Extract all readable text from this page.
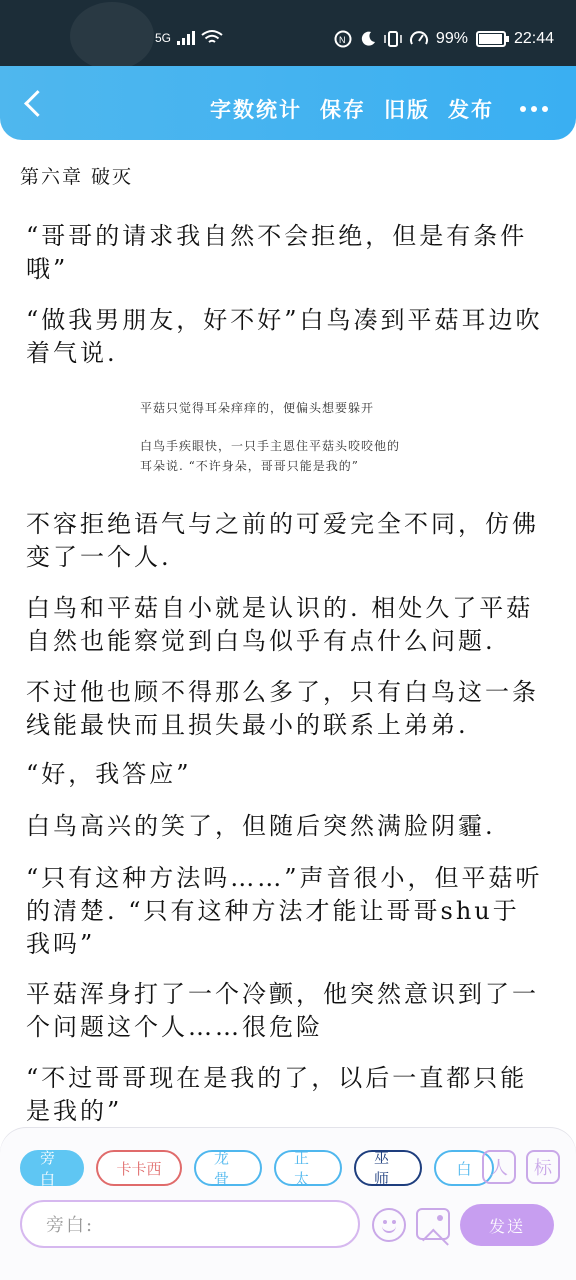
5G	N	99%	22:44
字数统计 保存 旧版 发布
第六章 破灭
“哥哥的请求我自然不会拒绝，但是有条件哦”
“做我男朋友，好不好”白鸟凑到平菇耳边吹着气说.
平菇只觉得耳朵痒痒的，便偏头想要躲开
白鸟手疾眼快，一只手主恩住平菇头咬咬他的
耳朵说. “不许身朵，哥哥只能是我的”
不容拒绝语气与之前的可爱完全不同，仿佛变了一个人.
白鸟和平菇自小就是认识的. 相处久了平菇自然也能察觉到白鸟似乎有点什么问题.
不过他也顾不得那么多了，只有白鸟这一条线能最快而且损失最小的联系上弟弟.
“好，我答应”
白鸟高兴的笑了，但随后突然满脸阴霾.
“只有这种方法吗……”声音很小，但平菇听的清楚. “只有这种方法才能让哥哥shu于我吗”
平菇浑身打了一个冷颤，他突然意识到了一个问题这个人……很危险
“不过哥哥现在是我的了，以后一直都只能是我的”
旁白
卡卡西
龙骨
正太
巫师
白	人	标
旁白:	发送
